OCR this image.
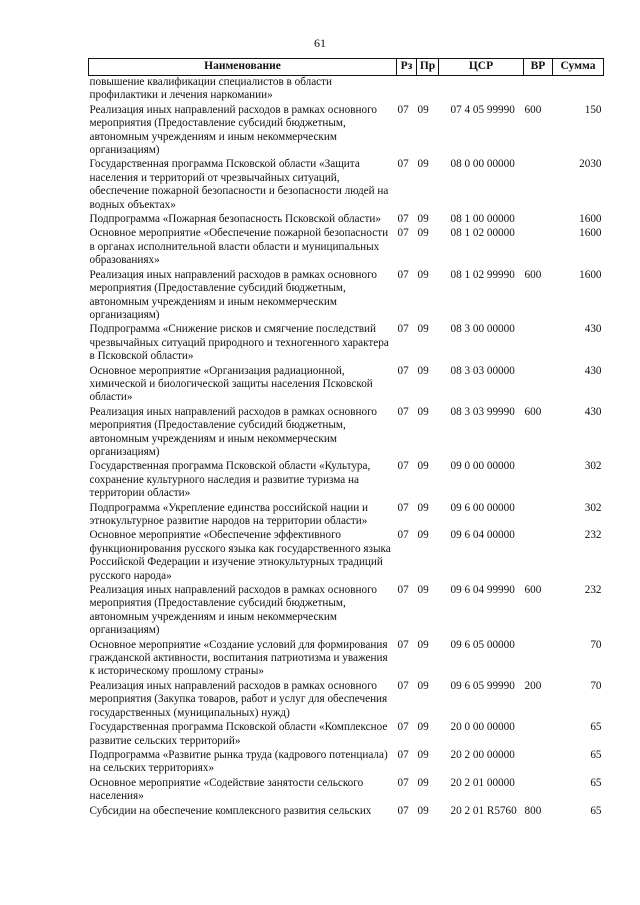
61
Наименование	Рз	Пр	ЦСР	ВР	Сумма
повышение квалификации специалистов в области профилактики и лечения наркомании»					
Реализация иных направлений расходов в рамках основного мероприятия (Предоставление субсидий бюджетным, автономным учреждениям и иным некоммерческим организациям)	07	09	07 4 05 99990	600	150
Государственная программа Псковской области «Защита населения и территорий от чрезвычайных ситуаций, обеспечение пожарной безопасности и безопасности людей на водных объектах»	07	09	08 0 00 00000		2030
Подпрограмма «Пожарная безопасность Псковской области»	07	09	08 1 00 00000		1600
Основное мероприятие «Обеспечение пожарной безопасности в органах исполнительной власти области и муниципальных образованиях»	07	09	08 1 02 00000		1600
Реализация иных направлений расходов в рамках основного мероприятия (Предоставление субсидий бюджетным, автономным учреждениям и иным некоммерческим организациям)	07	09	08 1 02 99990	600	1600
Подпрограмма «Снижение рисков и смягчение последствий чрезвычайных ситуаций природного и техногенного характера в Псковской области»	07	09	08 3 00 00000		430
Основное мероприятие «Организация радиационной, химической и биологической защиты населения Псковской области»	07	09	08 3 03 00000		430
Реализация иных направлений расходов в рамках основного мероприятия (Предоставление субсидий бюджетным, автономным учреждениям и иным некоммерческим организациям)	07	09	08 3 03 99990	600	430
Государственная программа Псковской области «Культура, сохранение культурного наследия и развитие туризма на территории области»	07	09	09 0 00 00000		302
Подпрограмма «Укрепление единства российской нации и этнокультурное развитие народов на территории области»	07	09	09 6 00 00000		302
Основное мероприятие «Обеспечение эффективного функционирования русского языка как государственного языка Российской Федерации и изучение этнокультурных традиций русского народа»	07	09	09 6 04 00000		232
Реализация иных направлений расходов в рамках основного мероприятия (Предоставление субсидий бюджетным, автономным учреждениям и иным некоммерческим организациям)	07	09	09 6 04 99990	600	232
Основное мероприятие «Создание условий для формирования гражданской активности, воспитания патриотизма и уважения к историческому прошлому страны»	07	09	09 6 05 00000		70
Реализация иных направлений расходов в рамках основного мероприятия (Закупка товаров, работ и услуг для обеспечения государственных (муниципальных) нужд)	07	09	09 6 05 99990	200	70
Государственная программа Псковской области «Комплексное развитие сельских территорий»	07	09	20 0 00 00000		65
Подпрограмма «Развитие рынка труда (кадрового потенциала) на сельских территориях»	07	09	20 2 00 00000		65
Основное мероприятие «Содействие занятости сельского населения»	07	09	20 2 01 00000		65
Субсидии на обеспечение комплексного развития сельских	07	09	20 2 01 R5760	800	65
